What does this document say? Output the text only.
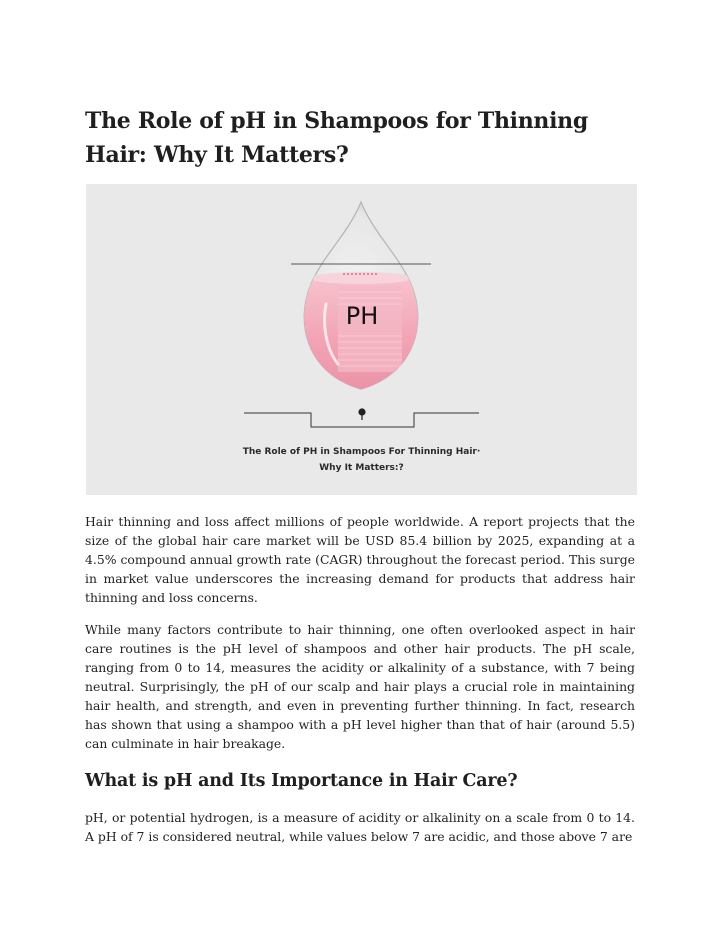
The Role of pH in Shampoos for Thinning Hair: Why It Matters?
PH
The Role of PH in Shampoos For Thinning Hair·
Why It Matters:?

Hair thinning and loss affect millions of people worldwide. A report projects that the size of the global hair care market will be USD 85.4 billion by 2025, expanding at a 4.5% compound annual growth rate (CAGR) throughout the forecast period. This surge in market value underscores the increasing demand for products that address hair thinning and loss concerns.

While many factors contribute to hair thinning, one often overlooked aspect in hair care routines is the pH level of shampoos and other hair products. The pH scale, ranging from 0 to 14, measures the acidity or alkalinity of a substance, with 7 being neutral. Surprisingly, the pH of our scalp and hair plays a crucial role in maintaining hair health, and strength, and even in preventing further thinning. In fact, research has shown that using a shampoo with a pH level higher than that of hair (around 5.5) can culminate in hair breakage.

What is pH and Its Importance in Hair Care?

pH, or potential hydrogen, is a measure of acidity or alkalinity on a scale from 0 to 14. A pH of 7 is considered neutral, while values below 7 are acidic, and those above 7 are
